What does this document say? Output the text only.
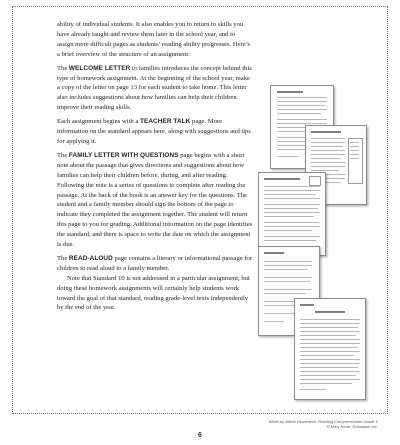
ability of individual students. It also enables you to return to skills you have already taught and review them later in the school year, and to assign more difficult pages as students’ reading ability progresses. Here’s a brief overview of the structure of an assignment:

The WELCOME LETTER to families introduces the concept behind this type of homework assignment. At the beginning of the school year, make a copy of the letter on page 13 for each student to take home. This letter also includes suggestions about how families can help their children improve their reading skills.

Each assignment begins with a TEACHER TALK page. More information on the standard appears here, along with suggestions and tips for applying it.

The FAMILY LETTER WITH QUESTIONS page begins with a short note about the passage that gives directions and suggestions about how families can help their children before, during, and after reading. Following the note is a series of questions to complete after reading the passage. At the back of the book is an answer key for the questions. The student and a family member should sign the bottom of the page to indicate they completed the assignment together. The student will return this page to you for grading. Additional information on the page identifies the standard, and there is space to write the date on which the assignment is due.

The READ-ALOUD page contains a literary or informational passage for children to read aloud to a family member.

Note that Standard 10 is not addressed in a particular assignment, but doing these homework assignments will certainly help students work toward the goal of that standard, reading grade-level texts independently by the end of the year.

Week-by-Week Homework: Reading Comprehension Grade 5
© Mary Rose, Scholastic Inc.
6
